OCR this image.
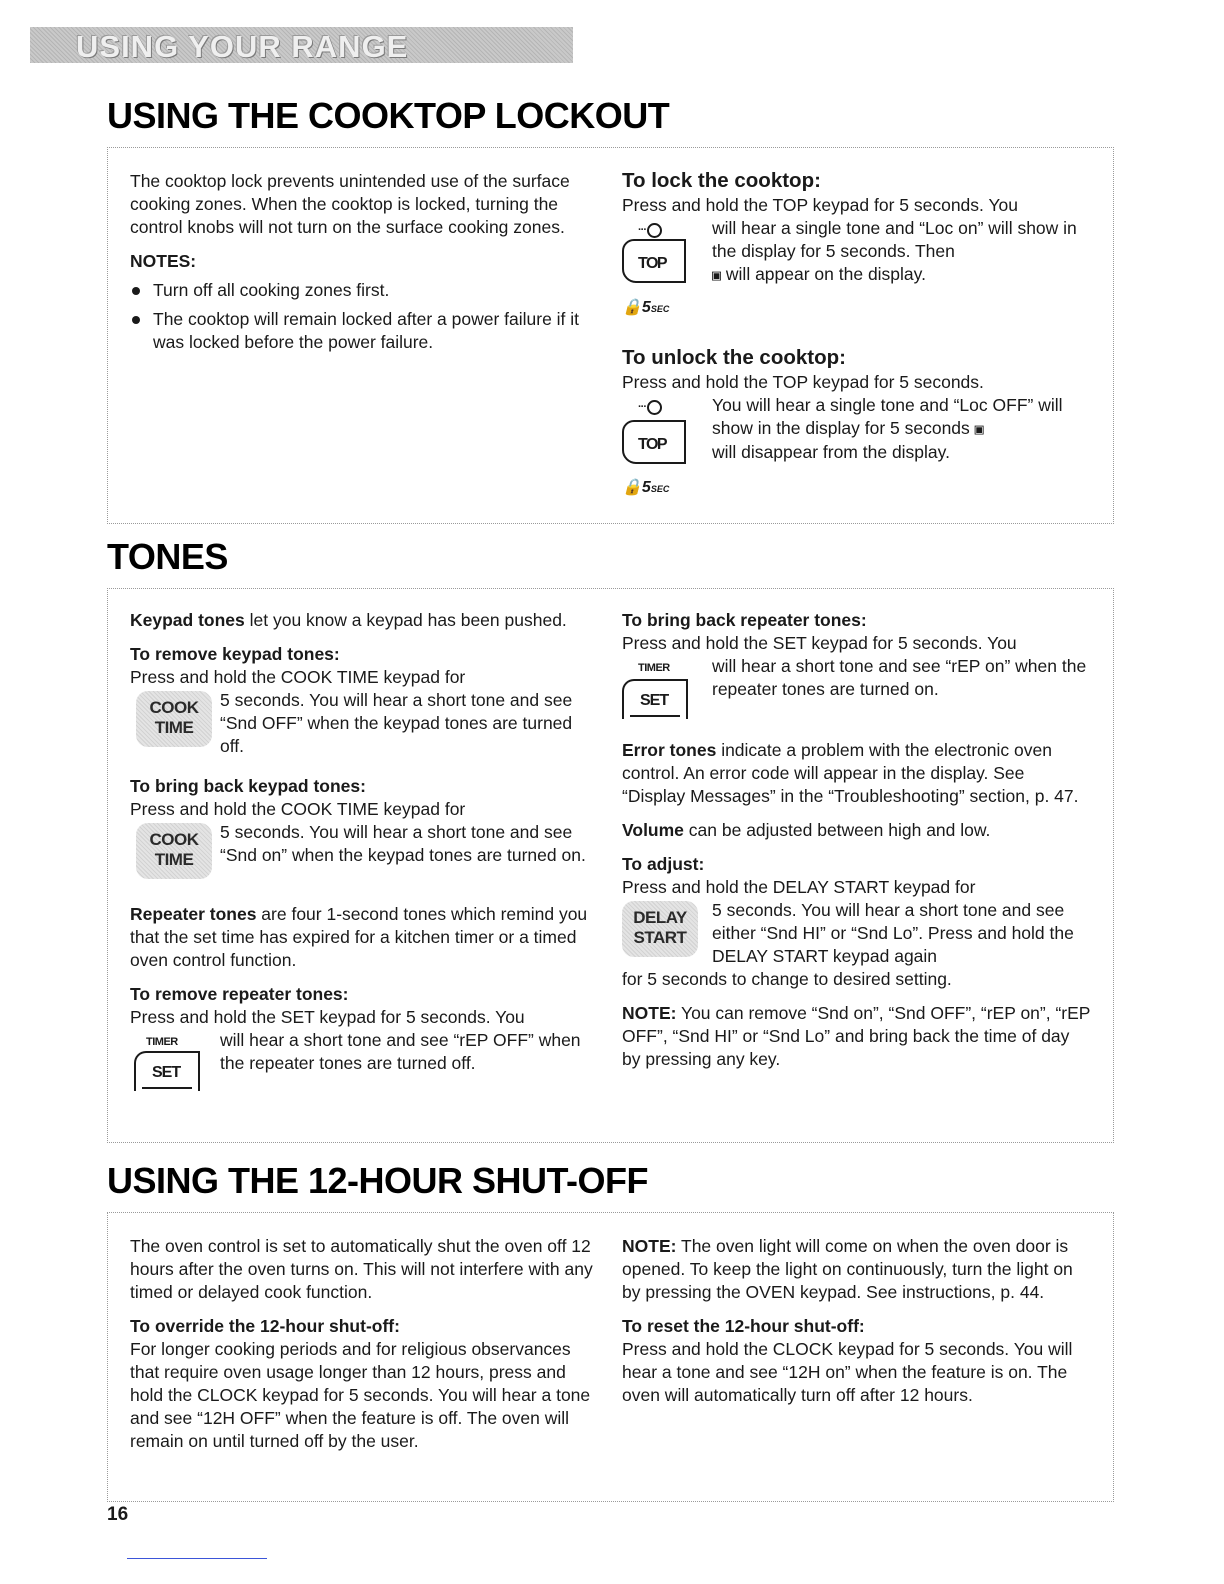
USING YOUR RANGE
USING THE COOKTOP LOCKOUT

The cooktop lock prevents unintended use of the surface cooking zones. When the cooktop is locked, turning the control knobs will not turn on the surface cooking zones.

NOTES:

Turn off all cooking zones first.
The cooktop will remain locked after a power failure if it was locked before the power failure.

To lock the cooktop:

Press and hold the TOP keypad for 5 seconds. You

···
TOP
🔒5SEC
will hear a single tone and “Loc on” will show in the display for 5 seconds. Then
▣ will appear on the display.

To unlock the cooktop:

Press and hold the TOP keypad for 5 seconds.

···
TOP
🔒5SEC
You will hear a single tone and “Loc OFF” will show in the display for 5 seconds ▣
will disappear from the display.
TONES

Keypad tones let you know a keypad has been pushed.

To remove keypad tones:

Press and hold the COOK TIME keypad for

COOK
TIME
5 seconds. You will hear a short tone and see “Snd OFF” when the keypad tones are turned off.

To bring back keypad tones:

Press and hold the COOK TIME keypad for

COOK
TIME
5 seconds. You will hear a short tone and see “Snd on” when the keypad tones are turned on.

Repeater tones are four 1-second tones which remind you that the set time has expired for a kitchen timer or a timed oven control function.

To remove repeater tones:

Press and hold the SET keypad for 5 seconds. You

TIMER
SET
will hear a short tone and see “rEP OFF” when the repeater tones are turned off.

To bring back repeater tones:

Press and hold the SET keypad for 5 seconds. You

TIMER
SET
will hear a short tone and see “rEP on” when the repeater tones are turned on.

Error tones indicate a problem with the electronic oven control. An error code will appear in the display. See “Display Messages” in the “Troubleshooting” section, p. 47.

Volume can be adjusted between high and low.

To adjust:

Press and hold the DELAY START keypad for

DELAY
START
5 seconds. You will hear a short tone and see either “Snd HI” or “Snd Lo”. Press and hold the DELAY START keypad again

for 5 seconds to change to desired setting.

NOTE: You can remove “Snd on”, “Snd OFF”, “rEP on”, “rEP OFF”, “Snd HI” or “Snd Lo” and bring back the time of day by pressing any key.

USING THE 12-HOUR SHUT-OFF

The oven control is set to automatically shut the oven off 12 hours after the oven turns on. This will not interfere with any timed or delayed cook function.

To override the 12-hour shut-off:

For longer cooking periods and for religious observances that require oven usage longer than 12 hours, press and hold the CLOCK keypad for 5 seconds. You will hear a tone and see “12H OFF” when the feature is off. The oven will remain on until turned off by the user.

NOTE: The oven light will come on when the oven door is opened. To keep the light on continuously, turn the light on by pressing the OVEN keypad. See instructions, p. 44.

To reset the 12-hour shut-off:

Press and hold the CLOCK keypad for 5 seconds. You will hear a tone and see “12H on” when the feature is on. The oven will automatically turn off after 12 hours.

16
